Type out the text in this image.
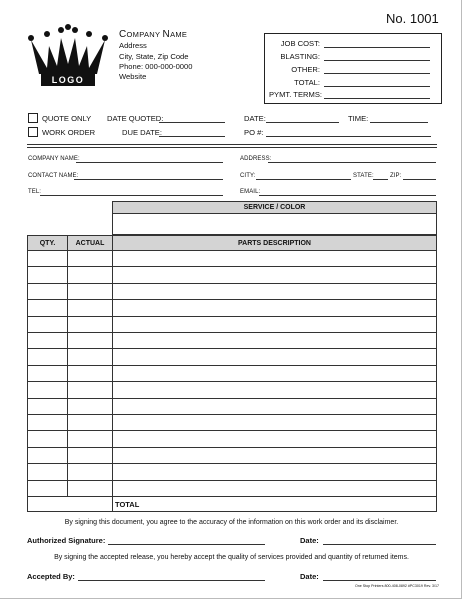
No. 1001
LOGO
COMPANY NAME
Address
City, State, Zip Code
Phone: 000-000-0000
Website
JOB COST:
BLASTING:
OTHER:
TOTAL:
PYMT. TERMS:
QUOTE ONLY
WORK ORDER
DATE QUOTED:
DUE DATE:
DATE:
PO #:
TIME:
COMPANY NAME:
CONTACT NAME:
TEL:
ADDRESS:
CITY:	STATE:	ZIP:
EMAIL:
SERVICE / COLOR
QTY.	ACTUAL	PARTS DESCRIPTION
TOTAL
By signing this document, you agree to the accuracy of the information on this work order and its disclaimer.
Authorized Signature:	Date:
By signing the accepted release, you hereby accept the quality of services provided and quantity of returned items.
Accepted By:	Date:
One Stop Printers 800-408-0892 #PC3019 Rev. 3/17
